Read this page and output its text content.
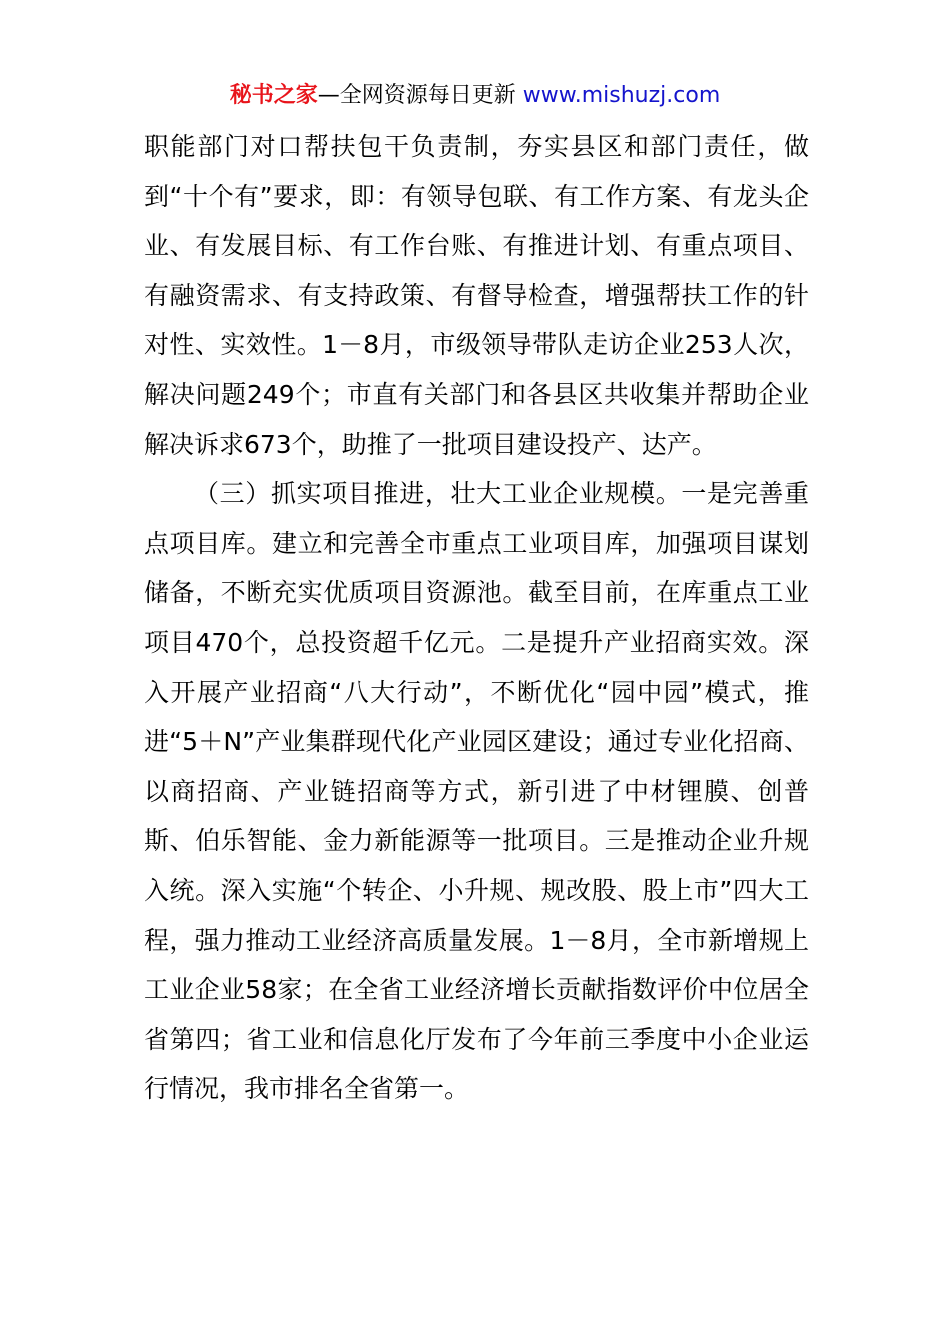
秘书之家—全网资源每日更新 www.mishuzj.com

职能部门对口帮扶包干负责制，夯实县区和部门责任，做到“十个有”要求，即：有领导包联、有工作方案、有龙头企业、有发展目标、有工作台账、有推进计划、有重点项目、有融资需求、有支持政策、有督导检查，增强帮扶工作的针对性、实效性。1－8月，市级领导带队走访企业253人次，解决问题249个；市直有关部门和各县区共收集并帮助企业解决诉求673个，助推了一批项目建设投产、达产。

（三）抓实项目推进，壮大工业企业规模。一是完善重点项目库。建立和完善全市重点工业项目库，加强项目谋划储备，不断充实优质项目资源池。截至目前，在库重点工业项目470个，总投资超千亿元。二是提升产业招商实效。深入开展产业招商“八大行动”，不断优化“园中园”模式，推进“5＋N”产业集群现代化产业园区建设；通过专业化招商、以商招商、产业链招商等方式，新引进了中材锂膜、创普斯、伯乐智能、金力新能源等一批项目。三是推动企业升规入统。深入实施“个转企、小升规、规改股、股上市”四大工程，强力推动工业经济高质量发展。1－8月，全市新增规上工业企业58家；在全省工业经济增长贡献指数评价中位居全省第四；省工业和信息化厅发布了今年前三季度中小企业运行情况，我市排名全省第一。
